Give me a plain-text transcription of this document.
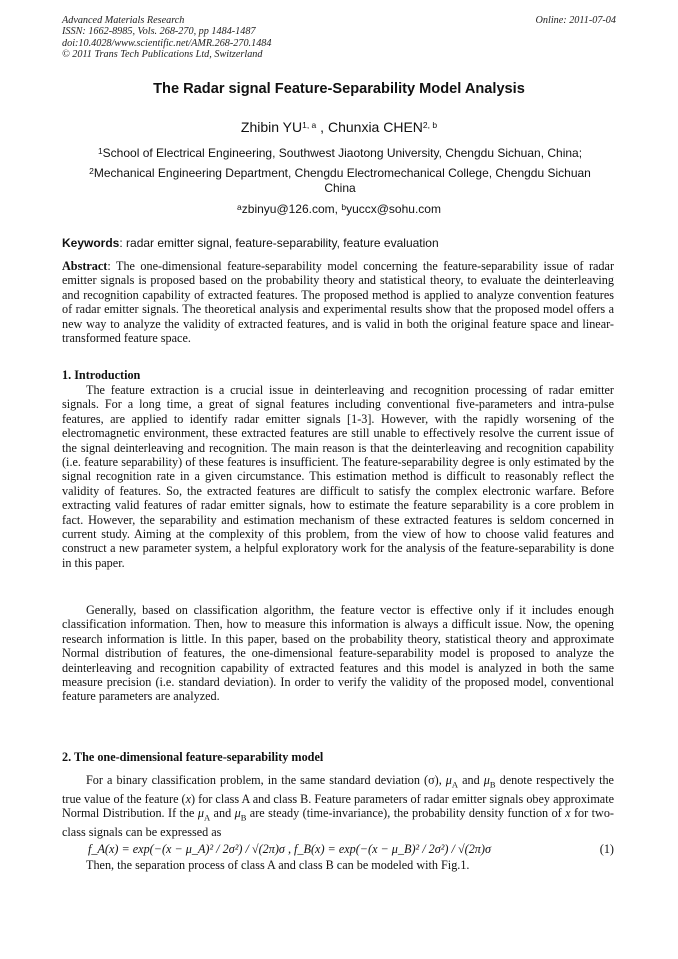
Advanced Materials Research
ISSN: 1662-8985, Vols. 268-270, pp 1484-1487
doi:10.4028/www.scientific.net/AMR.268-270.1484
© 2011 Trans Tech Publications Ltd, Switzerland
Online: 2011-07-04
The Radar signal Feature-Separability Model Analysis
Zhibin YU$^{1, a}$ , Chunxia CHEN$^{2, b}$
$^1$School of Electrical Engineering, Southwest Jiaotong University, Chengdu Sichuan, China;
$^2$Mechanical Engineering Department, Chengdu Electromechanical College, Chengdu Sichuan China
$^a$zbinyu@126.com, $^b$yuccx@sohu.com
Keywords: radar emitter signal, feature-separability, feature evaluation
Abstract: The one-dimensional feature-separability model concerning the feature-separability issue of radar emitter signals is proposed based on the probability theory and statistical theory, to evaluate the deinterleaving and recognition capability of extracted features. The proposed method is applied to analyze convention features of radar emitter signals. The theoretical analysis and experimental results show that the proposed model offers a new way to analyze the validity of extracted features, and is valid in both the original feature space and linear-transformed feature space.
1. Introduction
The feature extraction is a crucial issue in deinterleaving and recognition processing of radar emitter signals. For a long time, a great of signal features including conventional five-parameters and intra-pulse features, are applied to identify radar emitter signals [1-3]. However, with the rapidly worsening of the electromagnetic environment, these extracted features are still unable to effectively resolve the current issue of the signal deinterleaving and recognition. The main reason is that the deinterleaving and recognition capability (i.e. feature separability) of these features is insufficient. The feature-separability degree is only estimated by the signal recognition rate in a given circumstance. This estimation method is difficult to reasonably reflect the validity of features. So, the extracted features are difficult to satisfy the complex electronic warfare. Before extracting valid features of radar emitter signals, how to estimate the feature separability is a core problem in fact. However, the separability and estimation mechanism of these extracted features is seldom concerned in current study. Aiming at the complexity of this problem, from the view of how to choose valid features and construct a new parameter system, a helpful exploratory work for the analysis of the feature-separability is done in this paper.
Generally, based on classification algorithm, the feature vector is effective only if it includes enough classification information. Then, how to measure this information is always a difficult issue. Now, the opening research information is little. In this paper, based on the probability theory, statistical theory and approximate Normal distribution of features, the one-dimensional feature-separability model is proposed to analyze the deinterleaving and recognition capability of extracted features and this model is analyzed in both the same measure precision (i.e. standard deviation). In order to verify the validity of the proposed model, conventional feature parameters are analyzed.
2. The one-dimensional feature-separability model
For a binary classification problem, in the same standard deviation (σ), $\mu_A$ and $\mu_B$ denote respectively the true value of the feature (x) for class A and class B. Feature parameters of radar emitter signals obey approximate Normal Distribution. If the $\mu_A$ and $\mu_B$ are steady (time-invariance), the probability density function of x for two-class signals can be expressed as
f_A(x) = exp(−(x − μ_A)² / 2σ²) / √(2π)σ , f_B(x) = exp(−(x − μ_B)² / 2σ²) / √(2π)σ	(1)
Then, the separation process of class A and class B can be modeled with Fig.1.
